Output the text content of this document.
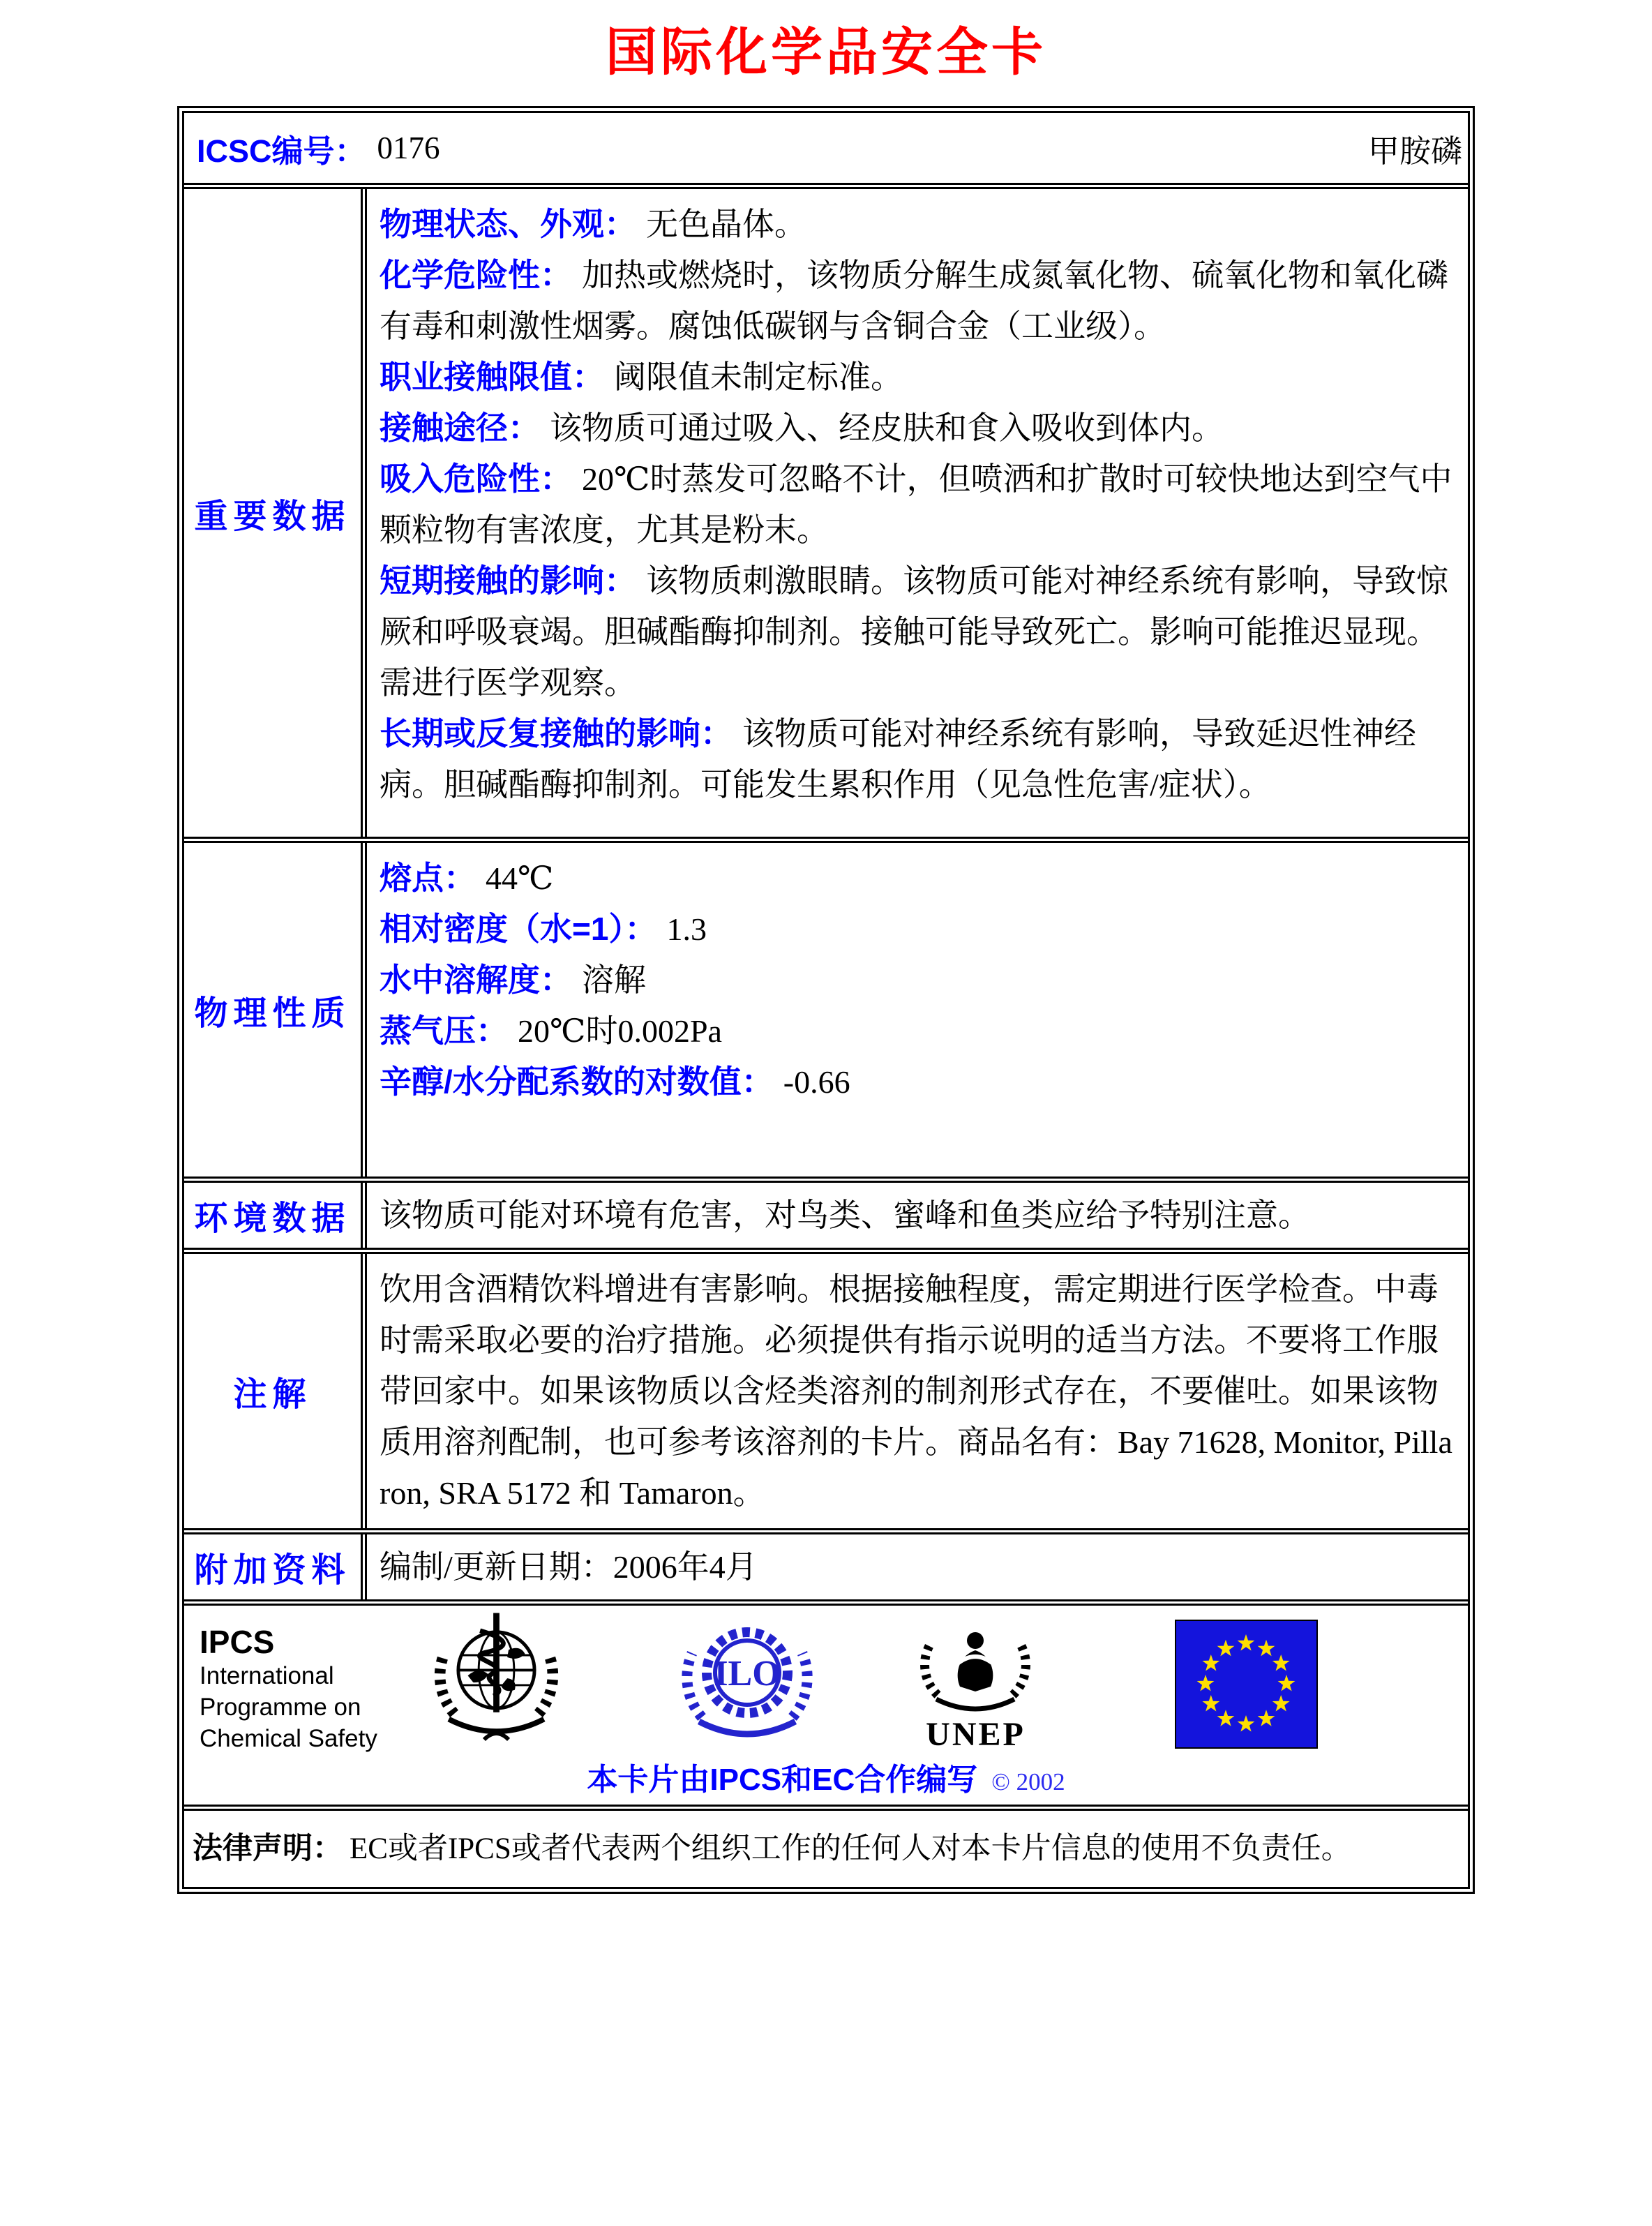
国际化学品安全卡
ICSC编号： 0176	甲胺磷
重要数据
物理状态、外观： 无色晶体。
化学危险性： 加热或燃烧时，该物质分解生成氮氧化物、硫氧化物和氧化磷有毒和刺激性烟雾。腐蚀低碳钢与含铜合金（工业级）。
职业接触限值： 阈限值未制定标准。
接触途径： 该物质可通过吸入、经皮肤和食入吸收到体内。
吸入危险性： 20℃时蒸发可忽略不计，但喷洒和扩散时可较快地达到空气中颗粒物有害浓度，尤其是粉末。
短期接触的影响： 该物质刺激眼睛。该物质可能对神经系统有影响，导致惊厥和呼吸衰竭。胆碱酯酶抑制剂。接触可能导致死亡。影响可能推迟显现。需进行医学观察。
长期或反复接触的影响： 该物质可能对神经系统有影响，导致延迟性神经病。胆碱酯酶抑制剂。可能发生累积作用（见急性危害/症状）。
物理性质
熔点： 44℃
相对密度（水=1）： 1.3
水中溶解度： 溶解
蒸气压： 20℃时0.002Pa
辛醇/水分配系数的对数值： -0.66
环境数据 该物质可能对环境有危害，对鸟类、蜜峰和鱼类应给予特别注意。
注解
饮用含酒精饮料增进有害影响。根据接触程度，需定期进行医学检查。中毒时需采取必要的治疗措施。必须提供有指示说明的适当方法。不要将工作服带回家中。如果该物质以含烃类溶剂的制剂形式存在，不要催吐。如果该物质用溶剂配制，也可参考该溶剂的卡片。商品名有：Bay 71628, Monitor, Pillaron, SRA 5172 和 Tamaron。
附加资料 编制/更新日期：2006年4月
IPCS
International
Programme on
Chemical Safety
ILO
UNEP
本卡片由IPCS和EC合作编写 © 2002
法律声明： EC或者IPCS或者代表两个组织工作的任何人对本卡片信息的使用不负责任。
